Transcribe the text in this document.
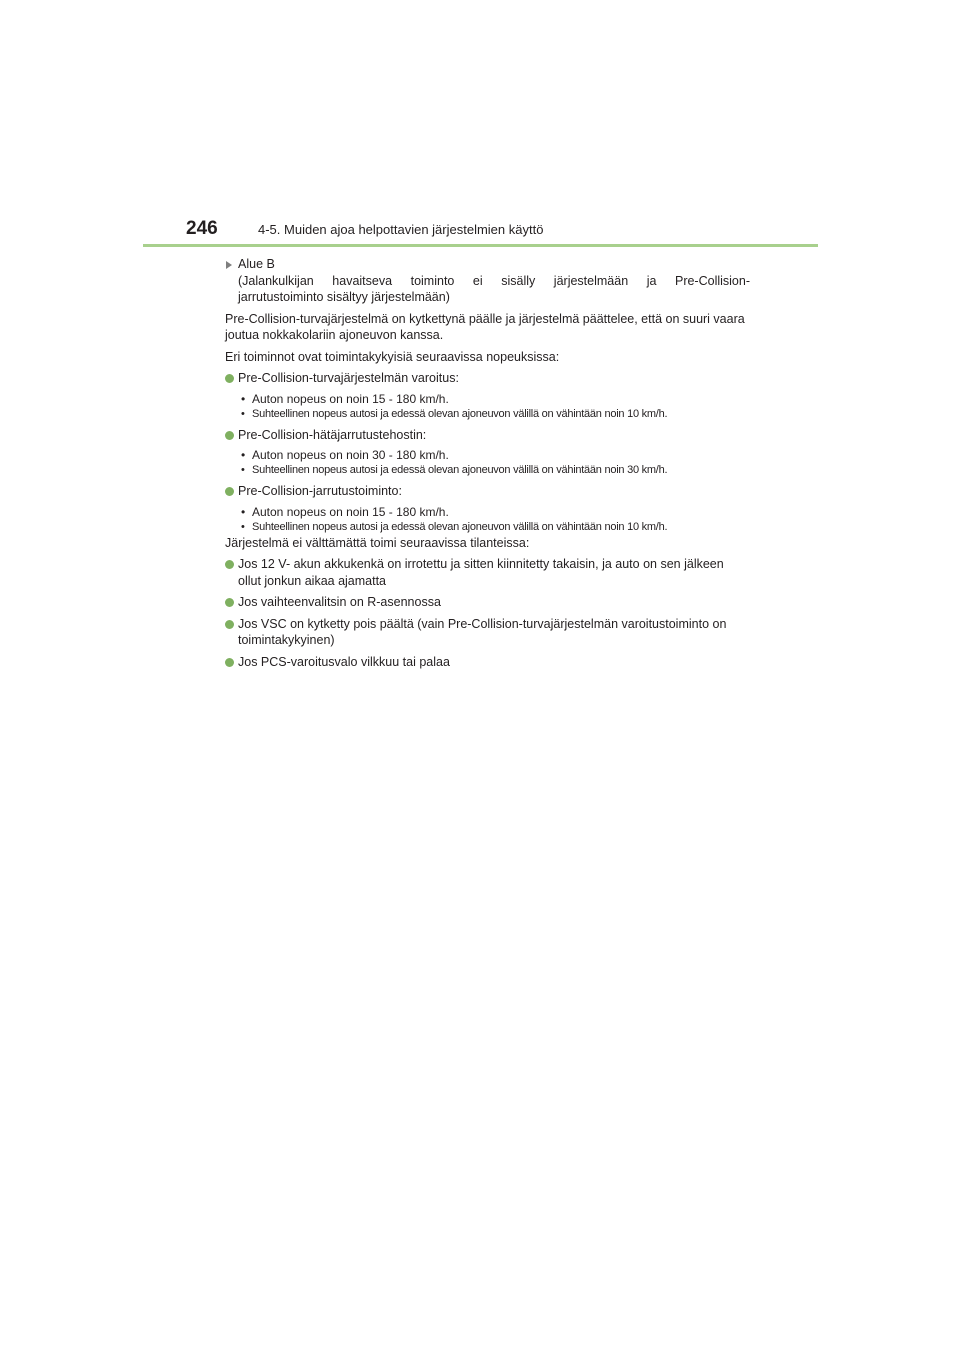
246	4-5. Muiden ajoa helpottavien järjestelmien käyttö

Alue B

(Jalankulkijan havaitseva toiminto ei sisälly järjestelmään ja Pre-Collision-

jarrutustoiminto sisältyy järjestelmään)

Pre-Collision-turvajärjestelmä on kytkettynä päälle ja järjestelmä päättelee, että on suuri vaara joutua nokkakolariin ajoneuvon kanssa.

Eri toiminnot ovat toimintakykyisiä seuraavissa nopeuksissa:

Pre-Collision-turvajärjestelmän varoitus:

• Auton nopeus on noin 15 - 180 km/h.
• Suhteellinen nopeus autosi ja edessä olevan ajoneuvon välillä on vähintään noin 10 km/h.

Pre-Collision-hätäjarrutustehostin:

• Auton nopeus on noin 30 - 180 km/h.
• Suhteellinen nopeus autosi ja edessä olevan ajoneuvon välillä on vähintään noin 30 km/h.

Pre-Collision-jarrutustoiminto:

• Auton nopeus on noin 15 - 180 km/h.
• Suhteellinen nopeus autosi ja edessä olevan ajoneuvon välillä on vähintään noin 10 km/h.

Järjestelmä ei välttämättä toimi seuraavissa tilanteissa:

Jos 12 V- akun akkukenkä on irrotettu ja sitten kiinnitetty takaisin, ja auto on sen jälkeen ollut jonkun aikaa ajamatta

Jos vaihteenvalitsin on R-asennossa

Jos VSC on kytketty pois päältä (vain Pre-Collision-turvajärjestelmän varoitustoiminto on toimintakykyinen)

Jos PCS-varoitusvalo vilkkuu tai palaa
